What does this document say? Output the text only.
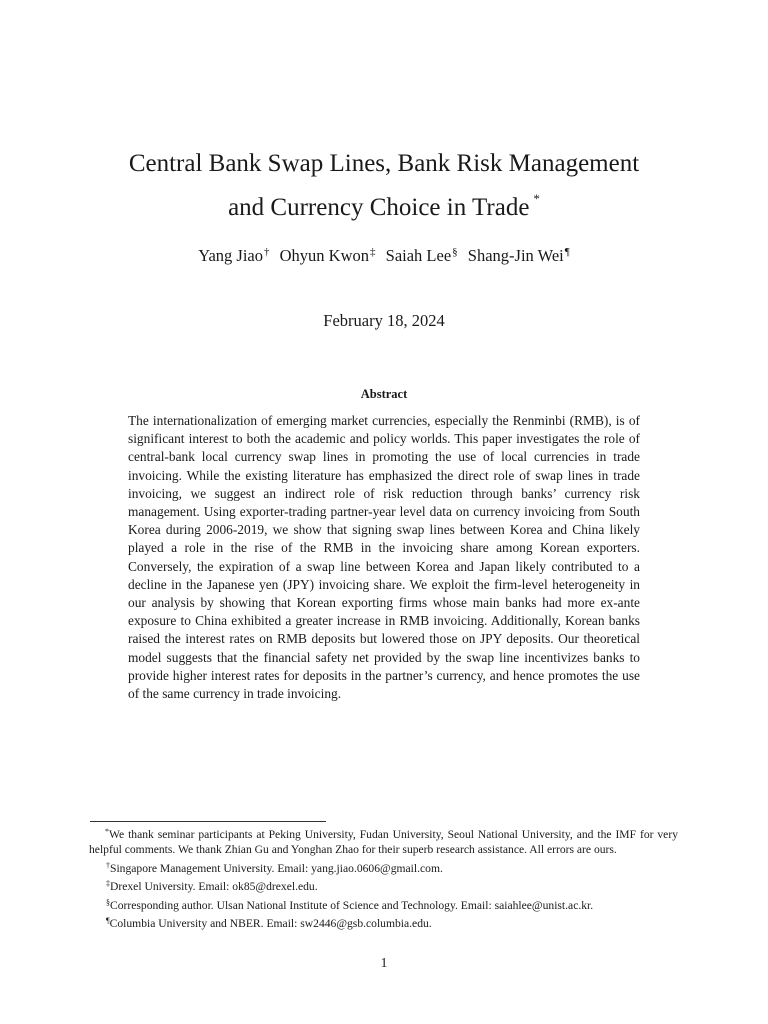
Central Bank Swap Lines, Bank Risk Management
and Currency Choice in Trade *
Yang Jiao† Ohyun Kwon‡ Saiah Lee§ Shang-Jin Wei¶
February 18, 2024
Abstract

The internationalization of emerging market currencies, especially the Renminbi (RMB), is of significant interest to both the academic and policy worlds. This paper investigates the role of central-bank local currency swap lines in promoting the use of local currencies in trade invoicing. While the existing literature has emphasized the direct role of swap lines in trade invoicing, we suggest an indirect role of risk reduction through banks’ currency risk management. Using exporter-trading partner-year level data on currency invoicing from South Korea during 2006-2019, we show that signing swap lines between Korea and China likely played a role in the rise of the RMB in the invoicing share among Korean exporters. Conversely, the expiration of a swap line between Korea and Japan likely contributed to a decline in the Japanese yen (JPY) invoicing share. We exploit the firm-level heterogeneity in our analysis by showing that Korean exporting firms whose main banks had more ex-ante exposure to China exhibited a greater increase in RMB invoicing. Additionally, Korean banks raised the interest rates on RMB deposits but lowered those on JPY deposits. Our theoretical model suggests that the financial safety net provided by the swap line incentivizes banks to provide higher interest rates for deposits in the partner’s currency, and hence promotes the use of the same currency in trade invoicing.

*We thank seminar participants at Peking University, Fudan University, Seoul National University, and the IMF for very helpful comments. We thank Zhian Gu and Yonghan Zhao for their superb research assistance. All errors are ours.

†Singapore Management University. Email: yang.jiao.0606@gmail.com.

‡Drexel University. Email: ok85@drexel.edu.

§Corresponding author. Ulsan National Institute of Science and Technology. Email: saiahlee@unist.ac.kr.

¶Columbia University and NBER. Email: sw2446@gsb.columbia.edu.

1
